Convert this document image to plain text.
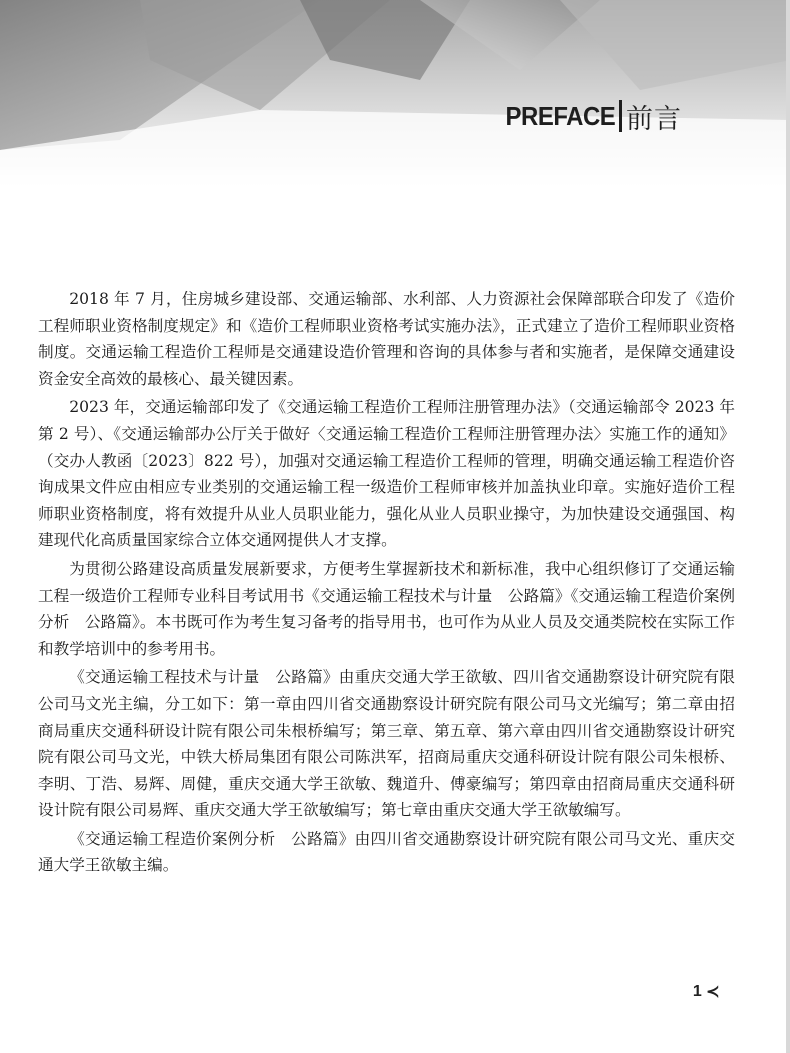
PREFACE 前言

2018 年 7 月，住房城乡建设部、交通运输部、水利部、人力资源社会保障部联合印发了《造价工程师职业资格制度规定》和《造价工程师职业资格考试实施办法》，正式建立了造价工程师职业资格制度。交通运输工程造价工程师是交通建设造价管理和咨询的具体参与者和实施者，是保障交通建设资金安全高效的最核心、最关键因素。

2023 年，交通运输部印发了《交通运输工程造价工程师注册管理办法》（交通运输部令 2023 年第 2 号）、《交通运输部办公厅关于做好〈交通运输工程造价工程师注册管理办法〉实施工作的通知》（交办人教函〔2023〕822 号），加强对交通运输工程造价工程师的管理，明确交通运输工程造价咨询成果文件应由相应专业类别的交通运输工程一级造价工程师审核并加盖执业印章。实施好造价工程师职业资格制度，将有效提升从业人员职业能力，强化从业人员职业操守，为加快建设交通强国、构建现代化高质量国家综合立体交通网提供人才支撑。

为贯彻公路建设高质量发展新要求，方便考生掌握新技术和新标准，我中心组织修订了交通运输工程一级造价工程师专业科目考试用书《交通运输工程技术与计量　公路篇》《交通运输工程造价案例分析　公路篇》。本书既可作为考生复习备考的指导用书，也可作为从业人员及交通类院校在实际工作和教学培训中的参考用书。

《交通运输工程技术与计量　公路篇》由重庆交通大学王欲敏、四川省交通勘察设计研究院有限公司马文光主编，分工如下：第一章由四川省交通勘察设计研究院有限公司马文光编写；第二章由招商局重庆交通科研设计院有限公司朱根桥编写；第三章、第五章、第六章由四川省交通勘察设计研究院有限公司马文光，中铁大桥局集团有限公司陈洪军，招商局重庆交通科研设计院有限公司朱根桥、李明、丁浩、易辉、周健，重庆交通大学王欲敏、魏道升、傅豪编写；第四章由招商局重庆交通科研设计院有限公司易辉、重庆交通大学王欲敏编写；第七章由重庆交通大学王欲敏编写。

《交通运输工程造价案例分析　公路篇》由四川省交通勘察设计研究院有限公司马文光、重庆交通大学王欲敏主编。

1 ≺
